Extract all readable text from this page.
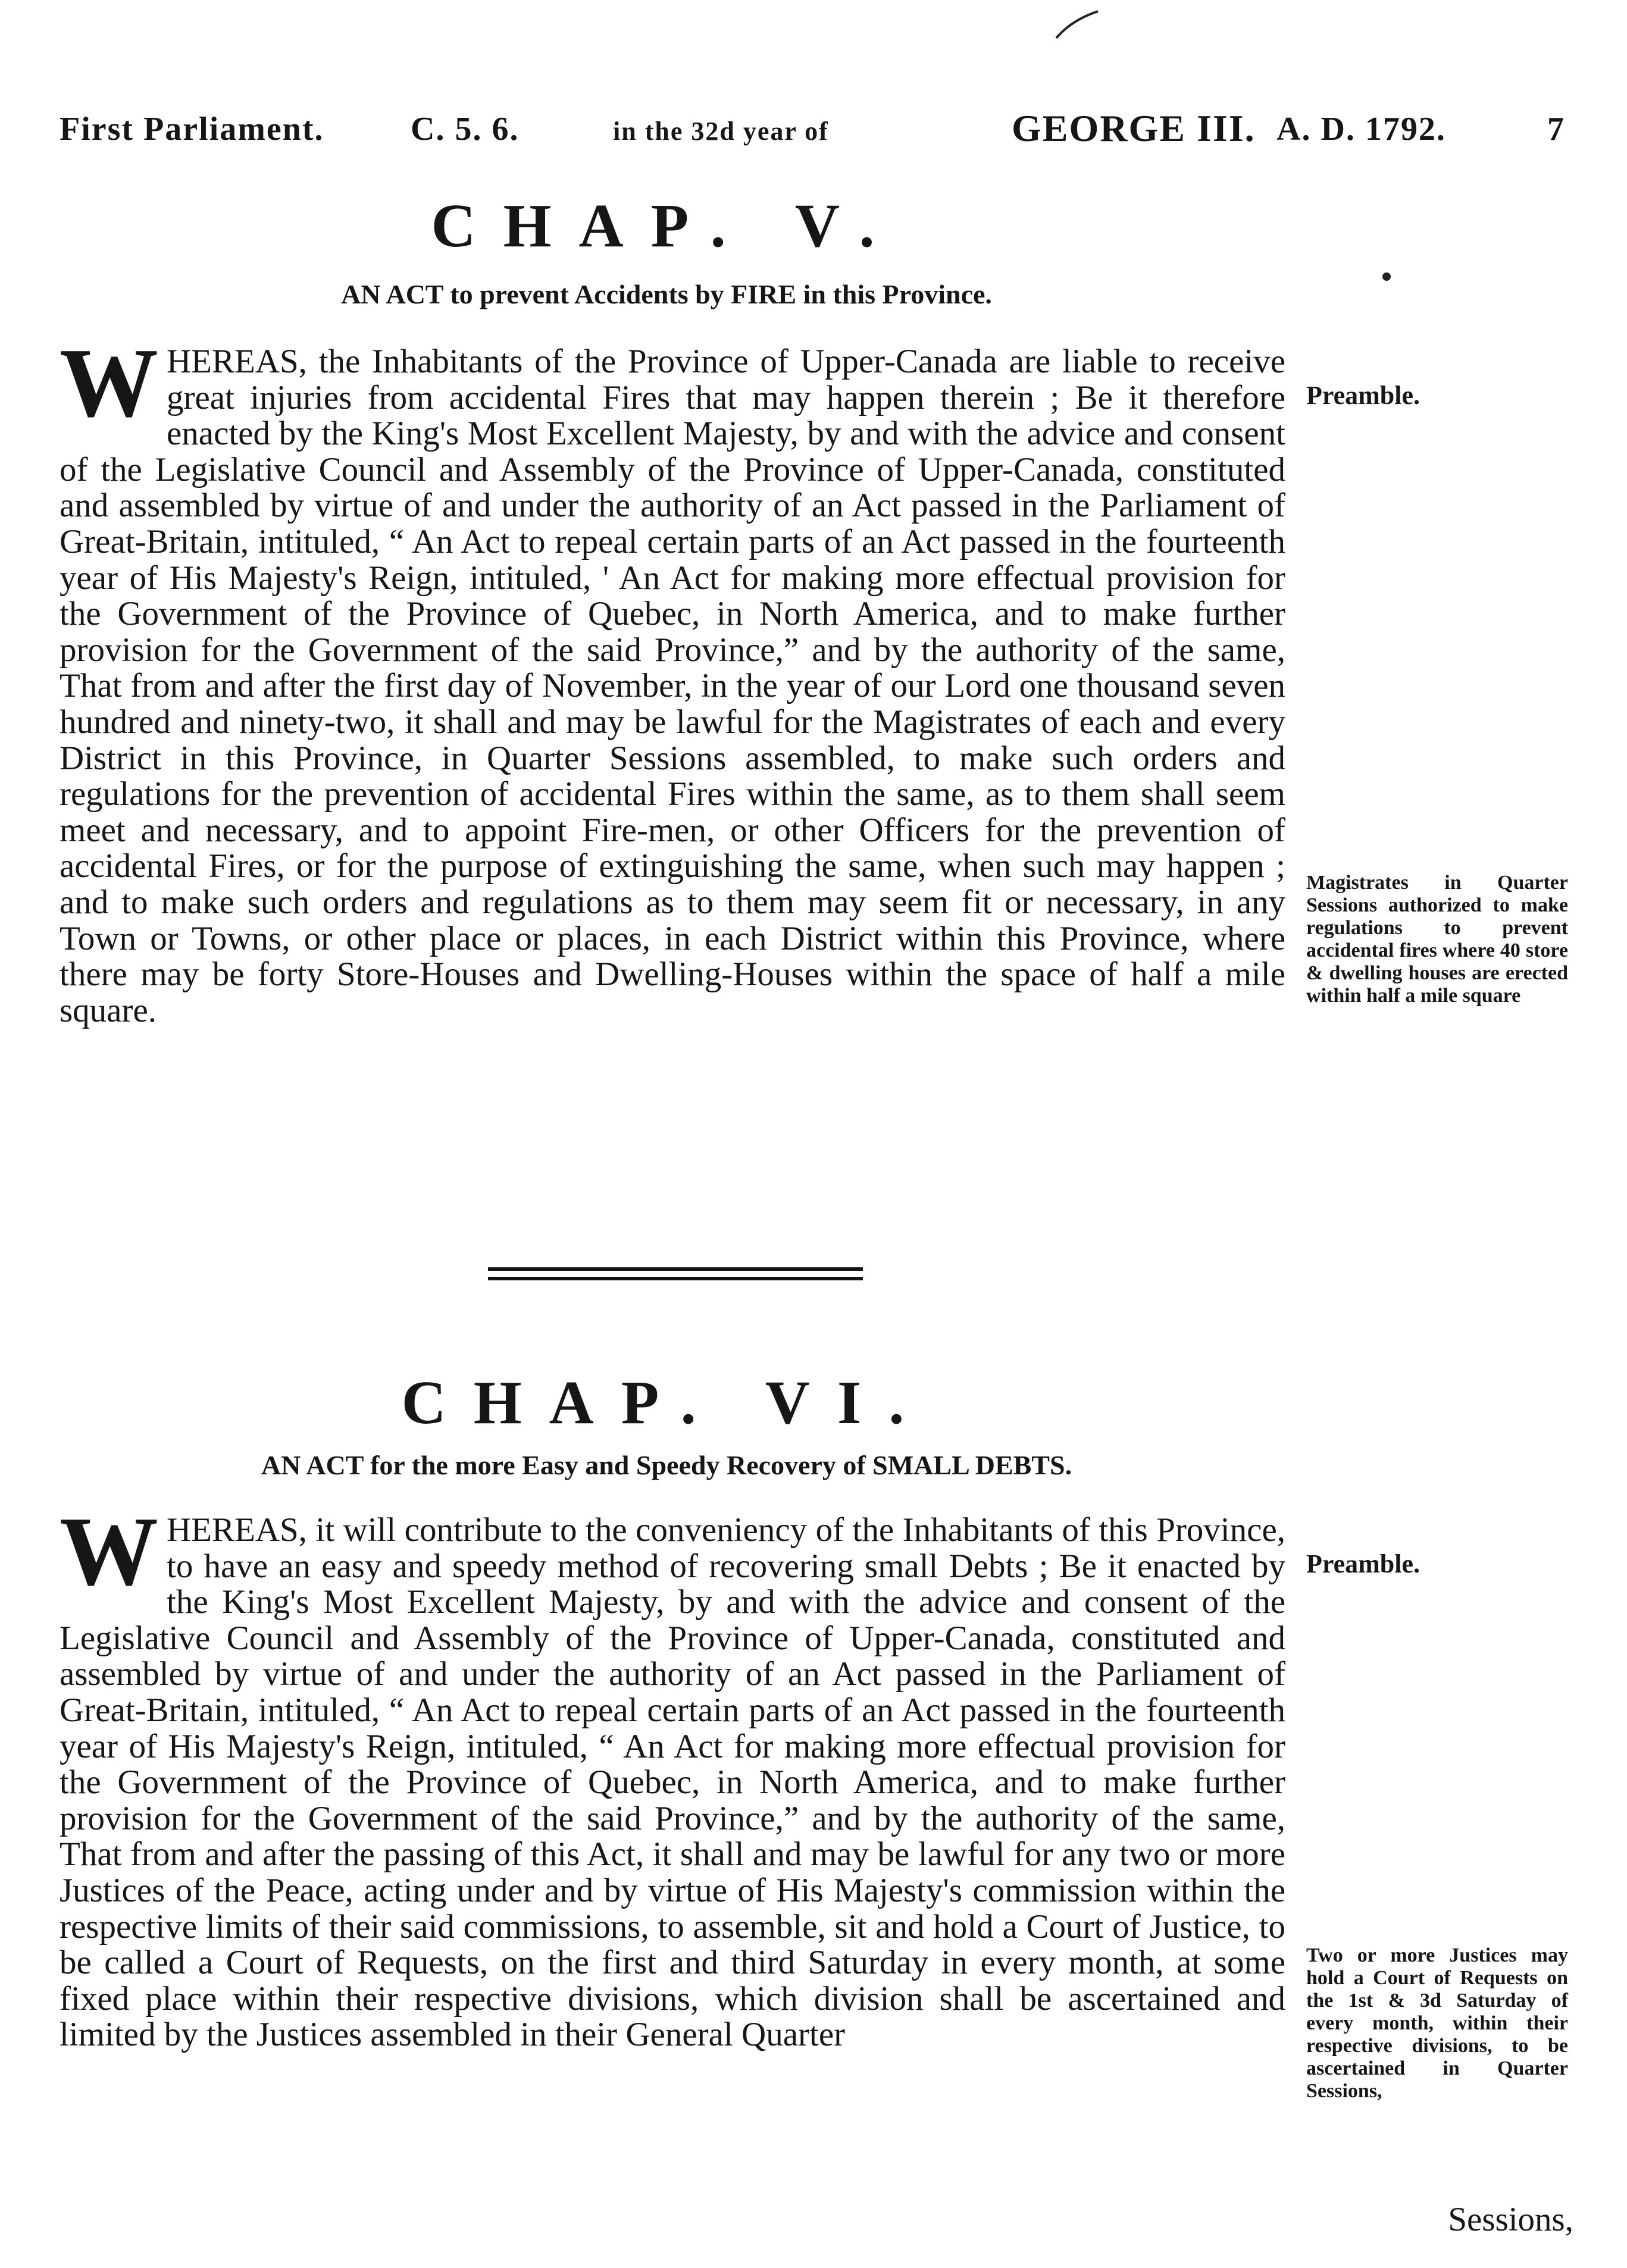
First Parliament.	C. 5. 6.	in the 32d year of	GEORGE III. A. D. 1792.	7
CHAP. V.
AN ACT to prevent Accidents by FIRE in this Province.
W HEREAS, the Inhabitants of the Province of Upper-Canada are liable to receive great injuries from accidental Fires that may happen therein ; Be it therefore enacted by the King's Most Excellent Majesty, by and with the advice and consent of the Legislative Council and Assembly of the Province of Upper-Canada, constituted and assembled by virtue of and under the authority of an Act passed in the Parliament of Great-Britain, intituled, “ An Act to repeal certain parts of an Act passed in the fourteenth year of His Majesty's Reign, intituled, ' An Act for making more effectual provision for the Government of the Province of Quebec, in North America, and to make further provision for the Government of the said Province,” and by the authority of the same, That from and after the first day of November, in the year of our Lord one thousand seven hundred and ninety-two, it shall and may be lawful for the Magistrates of each and every District in this Province, in Quarter Sessions assembled, to make such orders and regulations for the prevention of accidental Fires within the same, as to them shall seem meet and necessary, and to appoint Fire-men, or other Officers for the prevention of accidental Fires, or for the purpose of extinguishing the same, when such may happen ; and to make such orders and regulations as to them may seem fit or necessary, in any Town or Towns, or other place or places, in each District within this Province, where there may be forty Store-Houses and Dwelling-Houses within the space of half a mile square.
Preamble.
Magistrates in Quarter Sessions authorized to make regulations to prevent accidental fires where 40 store & dwelling houses are erected within half a mile square
CHAP. VI.
AN ACT for the more Easy and Speedy Recovery of SMALL DEBTS.
W HEREAS, it will contribute to the conveniency of the Inhabitants of this Province, to have an easy and speedy method of recovering small Debts ; Be it enacted by the King's Most Excellent Majesty, by and with the advice and consent of the Legislative Council and Assembly of the Province of Upper-Canada, constituted and assembled by virtue of and under the authority of an Act passed in the Parliament of Great-Britain, intituled, “ An Act to repeal certain parts of an Act passed in the fourteenth year of His Majesty's Reign, intituled, “ An Act for making more effectual provision for the Government of the Province of Quebec, in North America, and to make further provision for the Government of the said Province,” and by the authority of the same, That from and after the passing of this Act, it shall and may be lawful for any two or more Justices of the Peace, acting under and by virtue of His Majesty's commission within the respective limits of their said commissions, to assemble, sit and hold a Court of Justice, to be called a Court of Requests, on the first and third Saturday in every month, at some fixed place within their respective divisions, which division shall be ascertained and limited by the Justices assembled in their General Quarter
Preamble.
Two or more Justices may hold a Court of Requests on the 1st & 3d Saturday of every month, within their respective divisions, to be ascertained in Quarter Sessions,
Sessions,
